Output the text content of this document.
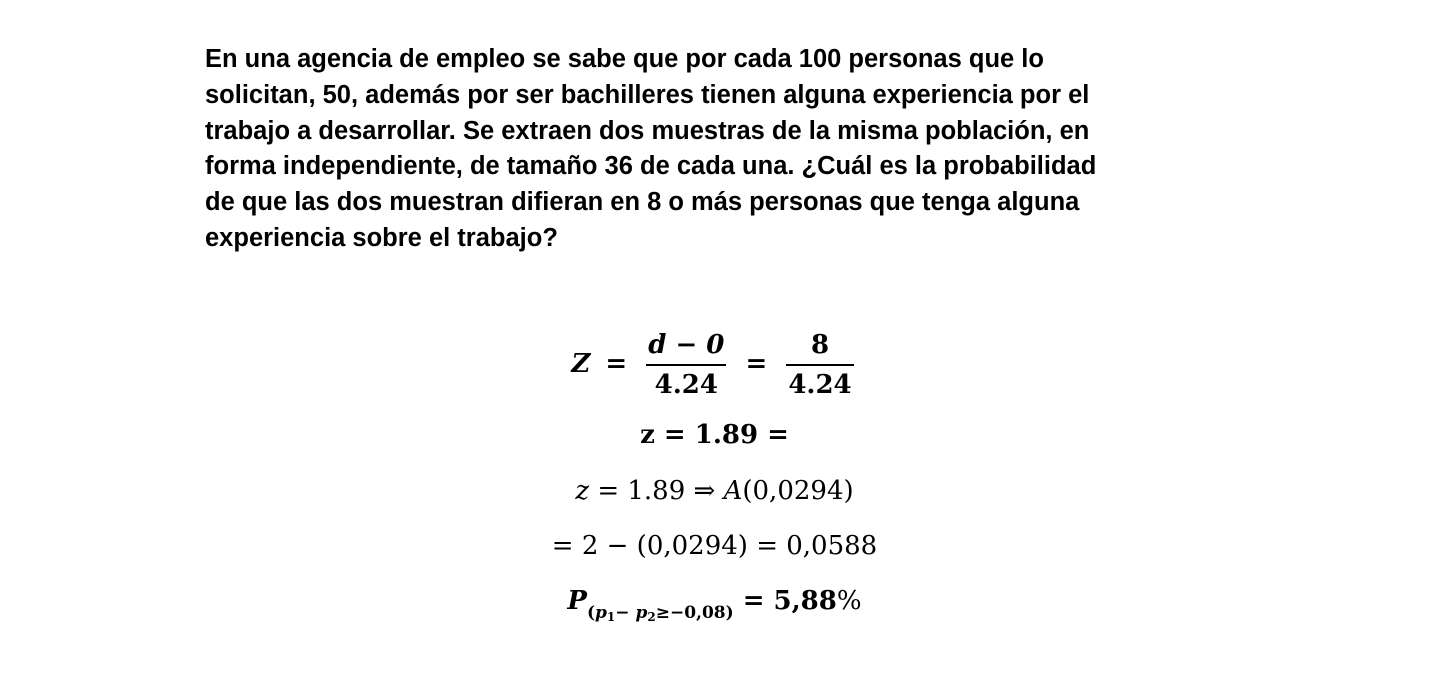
En una agencia de empleo se sabe que por cada 100 personas que lo
solicitan, 50, además por ser bachilleres tienen alguna experiencia por el
trabajo a desarrollar. Se extraen dos muestras de la misma población, en
forma independiente, de tamaño 36 de cada una. ¿Cuál es la probabilidad
de que las dos muestran difieran en 8 o más personas que tenga alguna
experiencia sobre el trabajo?
$Z = \frac{d - 0}{4.24} = \frac{8}{4.24}$
z = 1.89 =
z = 1.89 ⇒ A(0,0294)
= 2 − (0,0294) = 0,0588
$P_{(p1- p2\ge-0,08)} = 5,88\%$
